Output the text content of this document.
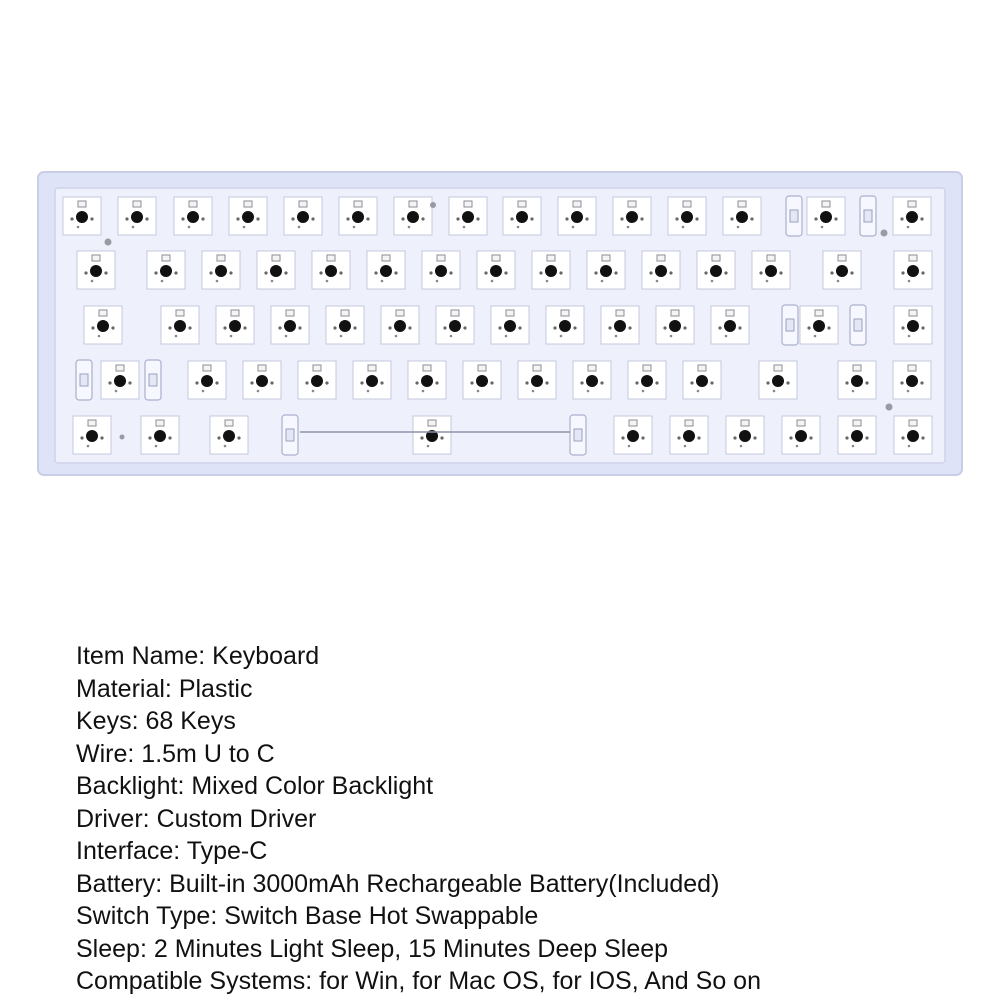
Item Name: Keyboard
Material: Plastic
Keys: 68 Keys
Wire: 1.5m U to C
Backlight: Mixed Color Backlight
Driver: Custom Driver
Interface: Type-C
Battery: Built-in 3000mAh Rechargeable Battery(Included)
Switch Type: Switch Base Hot Swappable
Sleep: 2 Minutes Light Sleep, 15 Minutes Deep Sleep
Compatible Systems: for Win, for Mac OS, for IOS, And So on
